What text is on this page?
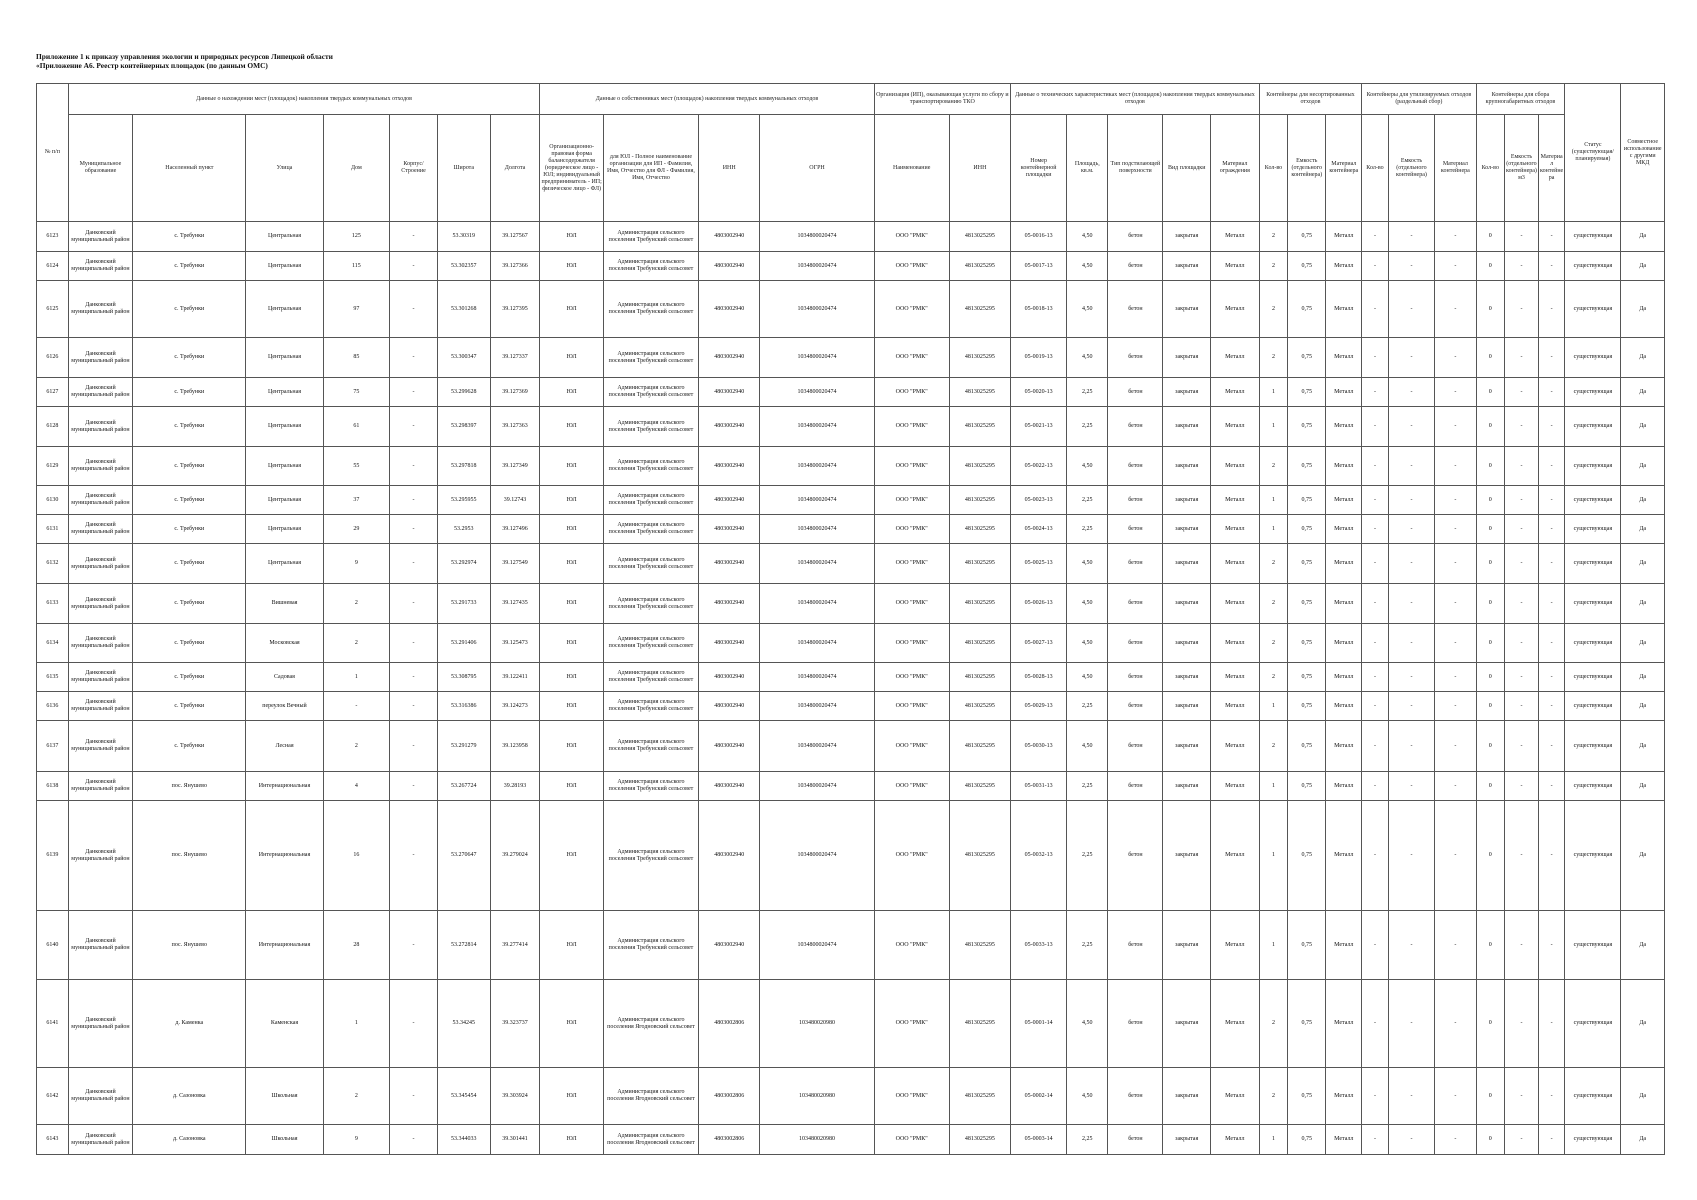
Приложение 1 к приказу управления экологии и природных ресурсов Липецкой области
«Приложение А6. Реестр контейнерных площадок (по данным ОМС)
№ п/п	Данные о нахождении мест (площадок) накопления твердых коммунальных отходов							Данные о собственниках мест (площадок) накопления твердых коммунальных отходов				Организация (ИП), оказывающая услуги по сбору и транспортированию ТКО		Данные о технических характеристиках мест (площадок) накопления твердых коммунальных отходов					Контейнеры для несортированных отходов			Контейнеры для утилизируемых отходов (раздельный сбор)			Контейнеры для сбора крупногабаритных отходов			Статус (существующая/ планируемая)	Совместное использование с другими МКД
	Муниципальное образование	Населенный пункт	Улица	Дом	Корпус/Строение	Широта	Долгота	Организационно-правовая форма балансодержателя (юридическое лицо - ЮЛ; индивидуальный предприниматель - ИП; физическое лицо - ФЛ)	для ЮЛ - Полное наименование организации для ИП - Фамилия, Имя, Отчество для ФЛ - Фамилия, Имя, Отчество	ИНН	ОГРН	Наименование	ИНН	Номер контейнерной площадки	Площадь, кв.м.	Тип подстилающей поверхности	Вид площадки	Материал ограждения	Кол-во	Емкость (отдельного контейнера)	Материал контейнера	Кол-во	Емкость (отдельного контейнера)	Материал контейнера	Кол-во	Емкость (отдельного контейнера) м3	Материал контейнера		
6123	Данковский муниципальный район	с. Требунки	Центральная	125	-	53.30319	39.127567	ЮЛ	Администрация сельского поселения Требунский сельсовет	4803002940	1034800020474	ООО "РМК"	4813025295	05-0016-13	4,50	бетон	закрытая	Металл	2	0,75	Металл	-	-	-	0	-	-	существующая	Да
6124	Данковский муниципальный район	с. Требунки	Центральная	115	-	53.302357	39.127366	ЮЛ	Администрация сельского поселения Требунский сельсовет	4803002940	1034800020474	ООО "РМК"	4813025295	05-0017-13	4,50	бетон	закрытая	Металл	2	0,75	Металл	-	-	-	0	-	-	существующая	Да
6125	Данковский муниципальный район	с. Требунки	Центральная	97	-	53.301268	39.127395	ЮЛ	Администрация сельского поселения Требунский сельсовет	4803002940	1034800020474	ООО "РМК"	4813025295	05-0018-13	4,50	бетон	закрытая	Металл	2	0,75	Металл	-	-	-	0	-	-	существующая	Да
6126	Данковский муниципальный район	с. Требунки	Центральная	85	-	53.300347	39.127337	ЮЛ	Администрация сельского поселения Требунский сельсовет	4803002940	1034800020474	ООО "РМК"	4813025295	05-0019-13	4,50	бетон	закрытая	Металл	2	0,75	Металл	-	-	-	0	-	-	существующая	Да
6127	Данковский муниципальный район	с. Требунки	Центральная	75	-	53.299628	39.127369	ЮЛ	Администрация сельского поселения Требунский сельсовет	4803002940	1034800020474	ООО "РМК"	4813025295	05-0020-13	2,25	бетон	закрытая	Металл	1	0,75	Металл	-	-	-	0	-	-	существующая	Да
6128	Данковский муниципальный район	с. Требунки	Центральная	61	-	53.298397	39.127363	ЮЛ	Администрация сельского поселения Требунский сельсовет	4803002940	1034800020474	ООО "РМК"	4813025295	05-0021-13	2,25	бетон	закрытая	Металл	1	0,75	Металл	-	-	-	0	-	-	существующая	Да
6129	Данковский муниципальный район	с. Требунки	Центральная	55	-	53.297818	39.127349	ЮЛ	Администрация сельского поселения Требунский сельсовет	4803002940	1034800020474	ООО "РМК"	4813025295	05-0022-13	4,50	бетон	закрытая	Металл	2	0,75	Металл	-	-	-	0	-	-	существующая	Да
6130	Данковский муниципальный район	с. Требунки	Центральная	37	-	53.295955	39.12743	ЮЛ	Администрация сельского поселения Требунский сельсовет	4803002940	1034800020474	ООО "РМК"	4813025295	05-0023-13	2,25	бетон	закрытая	Металл	1	0,75	Металл	-	-	-	0	-	-	существующая	Да
6131	Данковский муниципальный район	с. Требунки	Центральная	29	-	53.2953	39.127496	ЮЛ	Администрация сельского поселения Требунский сельсовет	4803002940	1034800020474	ООО "РМК"	4813025295	05-0024-13	2,25	бетон	закрытая	Металл	1	0,75	Металл	-	-	-	0	-	-	существующая	Да
6132	Данковский муниципальный район	с. Требунки	Центральная	9	-	53.292974	39.127549	ЮЛ	Администрация сельского поселения Требунский сельсовет	4803002940	1034800020474	ООО "РМК"	4813025295	05-0025-13	4,50	бетон	закрытая	Металл	2	0,75	Металл	-	-	-	0	-	-	существующая	Да
6133	Данковский муниципальный район	с. Требунки	Вишневая	2	-	53.291733	39.127435	ЮЛ	Администрация сельского поселения Требунский сельсовет	4803002940	1034800020474	ООО "РМК"	4813025295	05-0026-13	4,50	бетон	закрытая	Металл	2	0,75	Металл	-	-	-	0	-	-	существующая	Да
6134	Данковский муниципальный район	с. Требунки	Московская	2	-	53.291406	39.125473	ЮЛ	Администрация сельского поселения Требунский сельсовет	4803002940	1034800020474	ООО "РМК"	4813025295	05-0027-13	4,50	бетон	закрытая	Металл	2	0,75	Металл	-	-	-	0	-	-	существующая	Да
6135	Данковский муниципальный район	с. Требунки	Садовая	1	-	53.308795	39.122411	ЮЛ	Администрация сельского поселения Требунский сельсовет	4803002940	1034800020474	ООО "РМК"	4813025295	05-0028-13	4,50	бетон	закрытая	Металл	2	0,75	Металл	-	-	-	0	-	-	существующая	Да
6136	Данковский муниципальный район	с. Требунки	переулок Вечный	-	-	53.316386	39.124273	ЮЛ	Администрация сельского поселения Требунский сельсовет	4803002940	1034800020474	ООО "РМК"	4813025295	05-0029-13	2,25	бетон	закрытая	Металл	1	0,75	Металл	-	-	-	0	-	-	существующая	Да
6137	Данковский муниципальный район	с. Требунки	Лесная	2	-	53.291279	39.123958	ЮЛ	Администрация сельского поселения Требунский сельсовет	4803002940	1034800020474	ООО "РМК"	4813025295	05-0030-13	4,50	бетон	закрытая	Металл	2	0,75	Металл	-	-	-	0	-	-	существующая	Да
6138	Данковский муниципальный район	пос. Янушево	Интернациональная	4	-	53.267724	39.28193	ЮЛ	Администрация сельского поселения Требунский сельсовет	4803002940	1034800020474	ООО "РМК"	4813025295	05-0031-13	2,25	бетон	закрытая	Металл	1	0,75	Металл	-	-	-	0	-	-	существующая	Да
6139	Данковский муниципальный район	пос. Янушево	Интернациональная	16	-	53.270647	39.279024	ЮЛ	Администрация сельского поселения Требунский сельсовет	4803002940	1034800020474	ООО "РМК"	4813025295	05-0032-13	2,25	бетон	закрытая	Металл	1	0,75	Металл	-	-	-	0	-	-	существующая	Да
6140	Данковский муниципальный район	пос. Янушево	Интернациональная	28	-	53.272814	39.277414	ЮЛ	Администрация сельского поселения Требунский сельсовет	4803002940	1034800020474	ООО "РМК"	4813025295	05-0033-13	2,25	бетон	закрытая	Металл	1	0,75	Металл	-	-	-	0	-	-	существующая	Да
6141	Данковский муниципальный район	д. Каменка	Каменская	1	-	53.34245	39.323737	ЮЛ	Администрация сельского поселения Ягодновский сельсовет	4803002806	103480020980	ООО "РМК"	4813025295	05-0001-14	4,50	бетон	закрытая	Металл	2	0,75	Металл	-	-	-	0	-	-	существующая	Да
6142	Данковский муниципальный район	д. Сазоновка	Школьная	2	-	53.345454	39.303924	ЮЛ	Администрация сельского поселения Ягодновский сельсовет	4803002806	103480020980	ООО "РМК"	4813025295	05-0002-14	4,50	бетон	закрытая	Металл	2	0,75	Металл	-	-	-	0	-	-	существующая	Да
6143	Данковский муниципальный район	д. Сазоновка	Школьная	9	-	53.344033	39.301441	ЮЛ	Администрация сельского поселения Ягодновский сельсовет	4803002806	103480020980	ООО "РМК"	4813025295	05-0003-14	2,25	бетон	закрытая	Металл	1	0,75	Металл	-	-	-	0	-	-	существующая	Да
